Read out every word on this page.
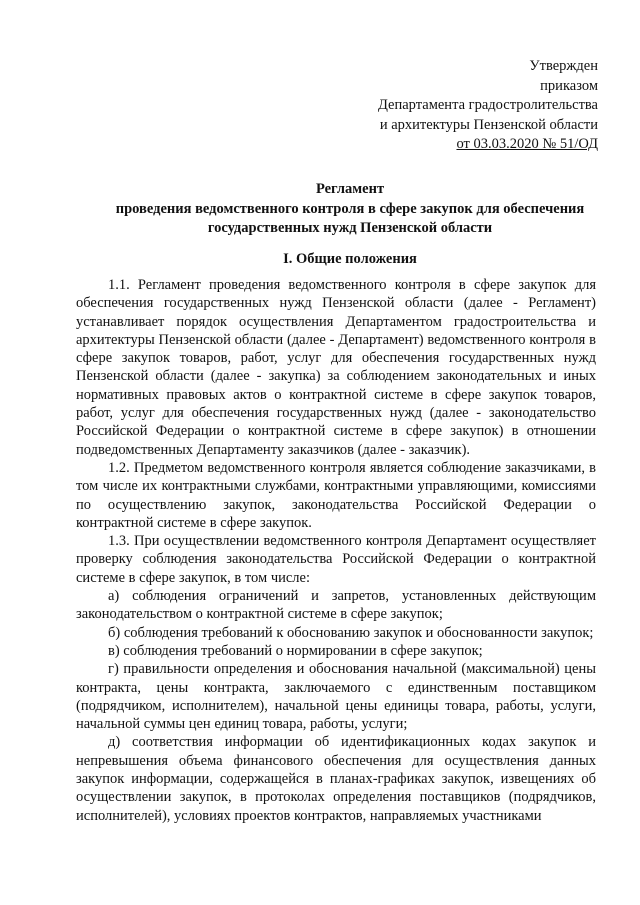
Утвержден
приказом
Департамента градостролительства
и архитектуры Пензенской области
от 03.03.2020 № 51/ОД
Регламент
проведения ведомственного контроля в сфере закупок для обеспечения
государственных нужд Пензенской области
I. Общие положения

1.1. Регламент проведения ведомственного контроля в сфере закупок для обеспечения государственных нужд Пензенской области (далее - Регламент) устанавливает порядок осуществления Департаментом градостроительства и архитектуры Пензенской области (далее - Департамент) ведомственного контроля в сфере закупок товаров, работ, услуг для обеспечения государственных нужд Пензенской области (далее - закупка) за соблюдением законодательных и иных нормативных правовых актов о контрактной системе в сфере закупок товаров, работ, услуг для обеспечения государственных нужд (далее - законодательство Российской Федерации о контрактной системе в сфере закупок) в отношении подведомственных Департаменту заказчиков (далее - заказчик).

1.2. Предметом ведомственного контроля является соблюдение заказчиками, в том числе их контрактными службами, контрактными управляющими, комиссиями по осуществлению закупок, законодательства Российской Федерации о контрактной системе в сфере закупок.

1.3. При осуществлении ведомственного контроля Департамент осуществляет проверку соблюдения законодательства Российской Федерации о контрактной системе в сфере закупок, в том числе:

а) соблюдения ограничений и запретов, установленных действующим законодательством о контрактной системе в сфере закупок;

б) соблюдения требований к обоснованию закупок и обоснованности закупок;

в) соблюдения требований о нормировании в сфере закупок;

г) правильности определения и обоснования начальной (максимальной) цены контракта, цены контракта, заключаемого с единственным поставщиком (подрядчиком, исполнителем), начальной цены единицы товара, работы, услуги, начальной суммы цен единиц товара, работы, услуги;

д) соответствия информации об идентификационных кодах закупок и непревышения объема финансового обеспечения для осуществления данных закупок информации, содержащейся в планах-графиках закупок, извещениях об осуществлении закупок, в протоколах определения поставщиков (подрядчиков, исполнителей), условиях проектов контрактов, направляемых участниками
